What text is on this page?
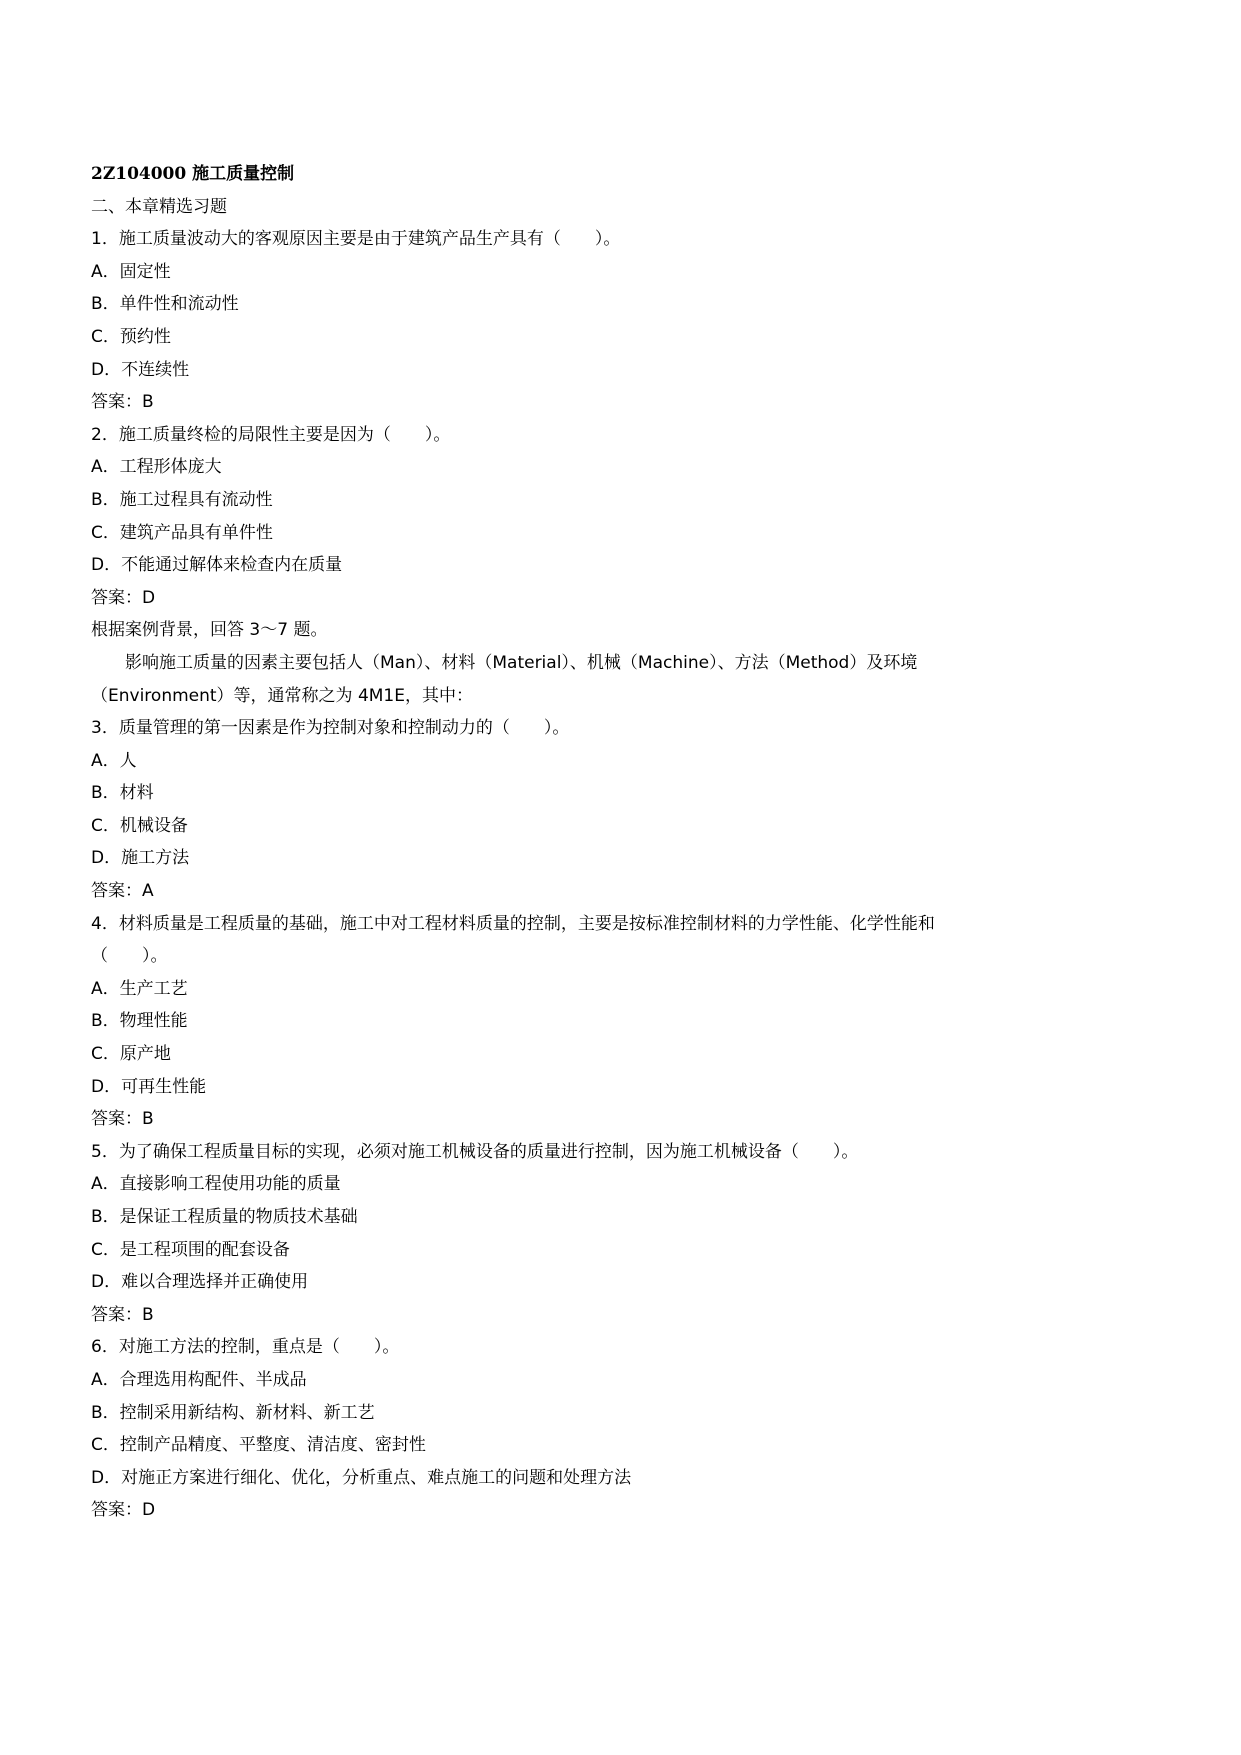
2Z104000 施工质量控制
二、本章精选习题
1．施工质量波动大的客观原因主要是由于建筑产品生产具有（　　）。
A．固定性
B．单件性和流动性
C．预约性
D．不连续性
答案：B
2．施工质量终检的局限性主要是因为（　　）。
A．工程形体庞大
B．施工过程具有流动性
C．建筑产品具有单件性
D．不能通过解体来检查内在质量
答案：D
根据案例背景，回答 3～7 题。
影响施工质量的因素主要包括人（Man）、材料（Material）、机械（Machine）、方法（Method）及环境（Environment）等，通常称之为 4M1E，其中：
3．质量管理的第一因素是作为控制对象和控制动力的（　　）。
A．人
B．材料
C．机械设备
D．施工方法
答案：A
4．材料质量是工程质量的基础，施工中对工程材料质量的控制，主要是按标准控制材料的力学性能、化学性能和（　　）。
A．生产工艺
B．物理性能
C．原产地
D．可再生性能
答案：B
5．为了确保工程质量目标的实现，必须对施工机械设备的质量进行控制，因为施工机械设备（　　）。
A．直接影响工程使用功能的质量
B．是保证工程质量的物质技术基础
C．是工程项围的配套设备
D．难以合理选择并正确使用
答案：B
6．对施工方法的控制，重点是（　　）。
A．合理选用构配件、半成品
B．控制采用新结构、新材料、新工艺
C．控制产品精度、平整度、清洁度、密封性
D．对施正方案进行细化、优化，分析重点、难点施工的问题和处理方法
答案：D
